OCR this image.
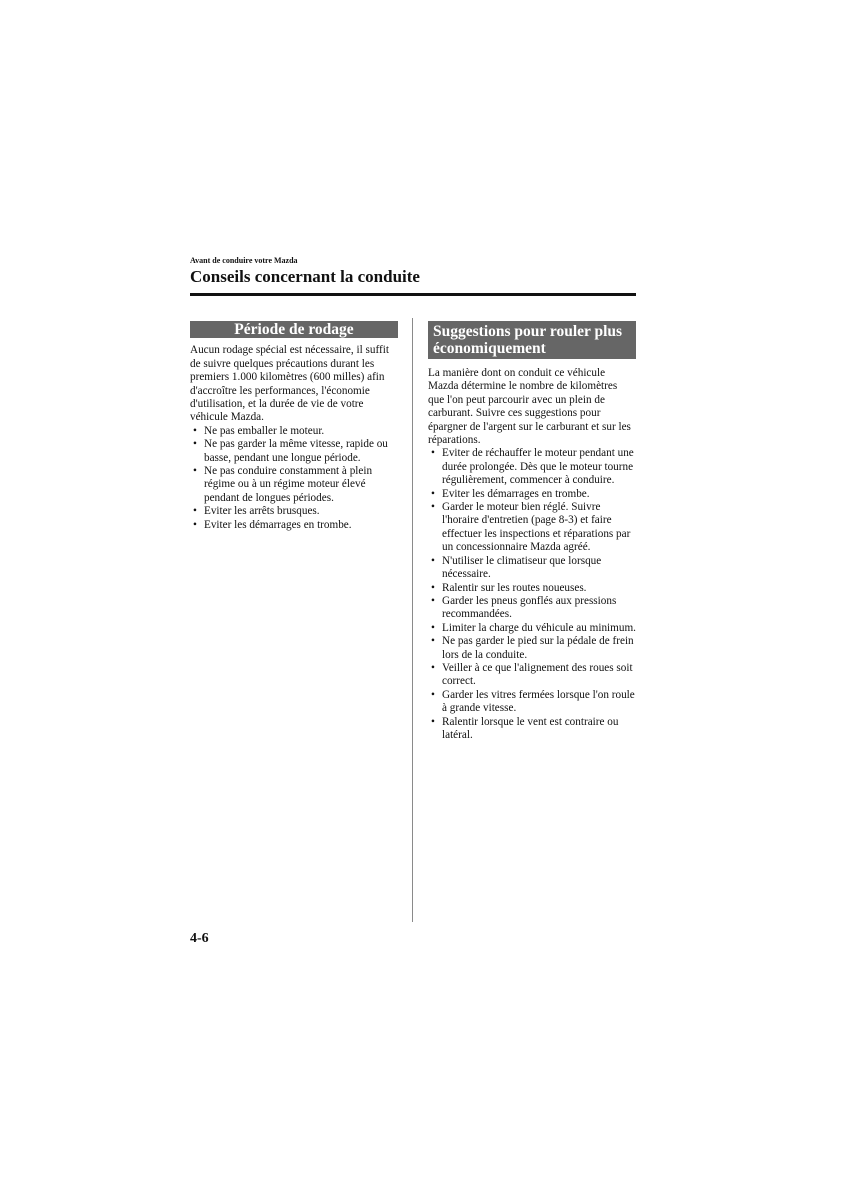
Avant de conduire votre Mazda
Conseils concernant la conduite
Période de rodage

Aucun rodage spécial est nécessaire, il suffit de suivre quelques précautions durant les premiers 1.000 kilomètres (600 milles) afin d'accroître les performances, l'économie d'utilisation, et la durée de vie de votre véhicule Mazda.

• Ne pas emballer le moteur.
• Ne pas garder la même vitesse, rapide ou basse, pendant une longue période.
• Ne pas conduire constamment à plein régime ou à un régime moteur élevé pendant de longues périodes.
• Eviter les arrêts brusques.
• Eviter les démarrages en trombe.
Suggestions pour rouler plus économiquement

La manière dont on conduit ce véhicule Mazda détermine le nombre de kilomètres que l'on peut parcourir avec un plein de carburant. Suivre ces suggestions pour épargner de l'argent sur le carburant et sur les réparations.

• Eviter de réchauffer le moteur pendant une durée prolongée. Dès que le moteur tourne régulièrement, commencer à conduire.
• Eviter les démarrages en trombe.
• Garder le moteur bien réglé. Suivre l'horaire d'entretien (page 8-3) et faire effectuer les inspections et réparations par un concessionnaire Mazda agréé.
• N'utiliser le climatiseur que lorsque nécessaire.
• Ralentir sur les routes noueuses.
• Garder les pneus gonflés aux pressions recommandées.
• Limiter la charge du véhicule au minimum.
• Ne pas garder le pied sur la pédale de frein lors de la conduite.
• Veiller à ce que l'alignement des roues soit correct.
• Garder les vitres fermées lorsque l'on roule à grande vitesse.
• Ralentir lorsque le vent est contraire ou latéral.
4-6
